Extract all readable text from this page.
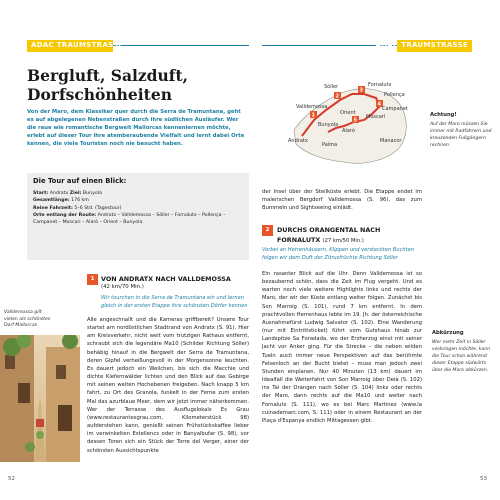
ADAC TRAUMSTRASSE	ADAC TRAUMSTRASSE
Bergluft, Salzduft, Dorfschönheiten
Von der Maro, dem Klassiker quer durch die Serra de Tramuntana, geht es auf abgelegenen Nebenstraßen durch ihre südlichen Ausläufer. Wer die raue wie romantische Bergwelt Mallorcas kennenlernen möchte, erlebt auf dieser Tour ihre atemberaubende Vielfalt und lernt dabei Orte kennen, die viele Touristen noch nie besucht haben.
Die Tour auf einen Blick:
Start: Andratx Ziel: Bunyola
Gesamtlänge: 176 km
Reine Fahrzeit: 5–6 Std. (Tagestour)
Orte entlang der Route: Andratx – Valldemossa – Sóller – Fornalutx – Pollença – Campanet – Moscari – Alaró – Orient – Bunyola
1	VON ANDRATX NACH VALLDEMOSSA
(42 km/70 Min.)
Wir tourchen in die Serra de Tramuntana ein und lernen gleich in der ersten Etappe ihre schönsten Dörfer kennen
Alle angeschnallt und die Kameras griffbereit? Unsere Tour startet am nordöstlichen Stadtrand von Andratx (S. 91). Hier am Kreisverkehr, nicht weit vom trutzigen Rathaus entfernt, schraubt sich die legendäre Ma10 (Schilder Richtung Sóller) behäbig hinauf in die Bergwelt der Serra de Tramuntana, deren Gipfel verheißungsvoll in der Morgensonne leuchten. Es dauert jedoch ein Weilchen, bis sich die Macchie und dichte Kiefernwälder lichten und den Blick auf das Gebirge mit seinen weiten Hochebenen freigeben. Nach knapp 5 km fahrt, zu Ort des Granola, funkelt in der Ferne zum ersten Mal das azurblaue Meer, dem wir jetzt immer näherkommen. Wer der Terrasse des Ausflugslokals Es Grau (www.restaurantesgrau.com, Kilometerstück 98) aufderstehen kann, genießt seinen Frühstückskaffee lieber im verwinkelten Estellencs oder in Banyalbufar (S. 98), vor dessen Toren sich ein Stück der Torre del Verger, einer der schönsten Aussichtspunkte
Valldemossa gilt vielen als schönstes Dorf Mallorcas
1
2
3
4
5
Valldemossa
Sóller	Fornalutx
Pollença
Campanet
Moscari
Alaró
Orient
Bunyola
Andratx
Palma
Manacor
Achtung!
Auf der Maro müssen Sie immer mit Radfahrern und kreuzenden Fußgängern rechnen.
der Insel über der Steilküste erlebt. Die Etappe endet im malerischen Bergdorf Valldemossa (S. 96), das zum Bummeln und Sightseeing einlädt.
2	DURCHS ORANGENTAL NACH
FORNALUTX (27 km/50 Min.)
Vorbei an Herrenhäusern, Klippen und versteckten Buchten folgen wir dem Duft der Zitrusfrüchte Richtung Sóller
Ein rasanter Blick auf die Uhr. Denn Valldemossa ist so bezaubernd schön, dass die Zeit im Flug vergeht. Und es warten noch viele weitere Highlights links und rechts der Maro, der wir der Küste entlang weiter folgen. Zunächst bis Son Marroig (S. 101), rund 7 km entfernt. In dem prachtvollen Herrenhaus lebte im 19. Jh. der österreichische Ausnahmefürst Ludwig Salvator (S. 102). Eine Wanderung (nur mit Eintrittsticket) führt vom Gutshaus hinab zur Landspitze Sa Foradada, wo der Erzherzog einst mit seiner Jacht vor Anker ging. Für die Strecke – die neben wilden Tueln auch immer neue Perspektiven auf das berühmte Felsenloch an der Bucht bietet – muss man jedoch zwei Stunden einplanen. Nur 40 Minuten (13 km) dauert im Idealfall die Weiterfahrt von Son Marroig über Deià (S. 102) ins Tal der Orangen nach Sóller (S. 104) links oder rechts der Maro, dann rechts auf die Ma10 und weiter nach Fornalutx (S. 111), wo es bei Marc Martinez (www.la cuinademarc.com, S. 111) oder in einem Restaurant an der Plaça d'Espanya endlich Mittagessen gibt.
Abkürzung
Wer mehr Zeit in Sóller verbringen möchte, kann die Tour schon während dieser Etappe südwärts über die Maro abkürzen.
52	53
